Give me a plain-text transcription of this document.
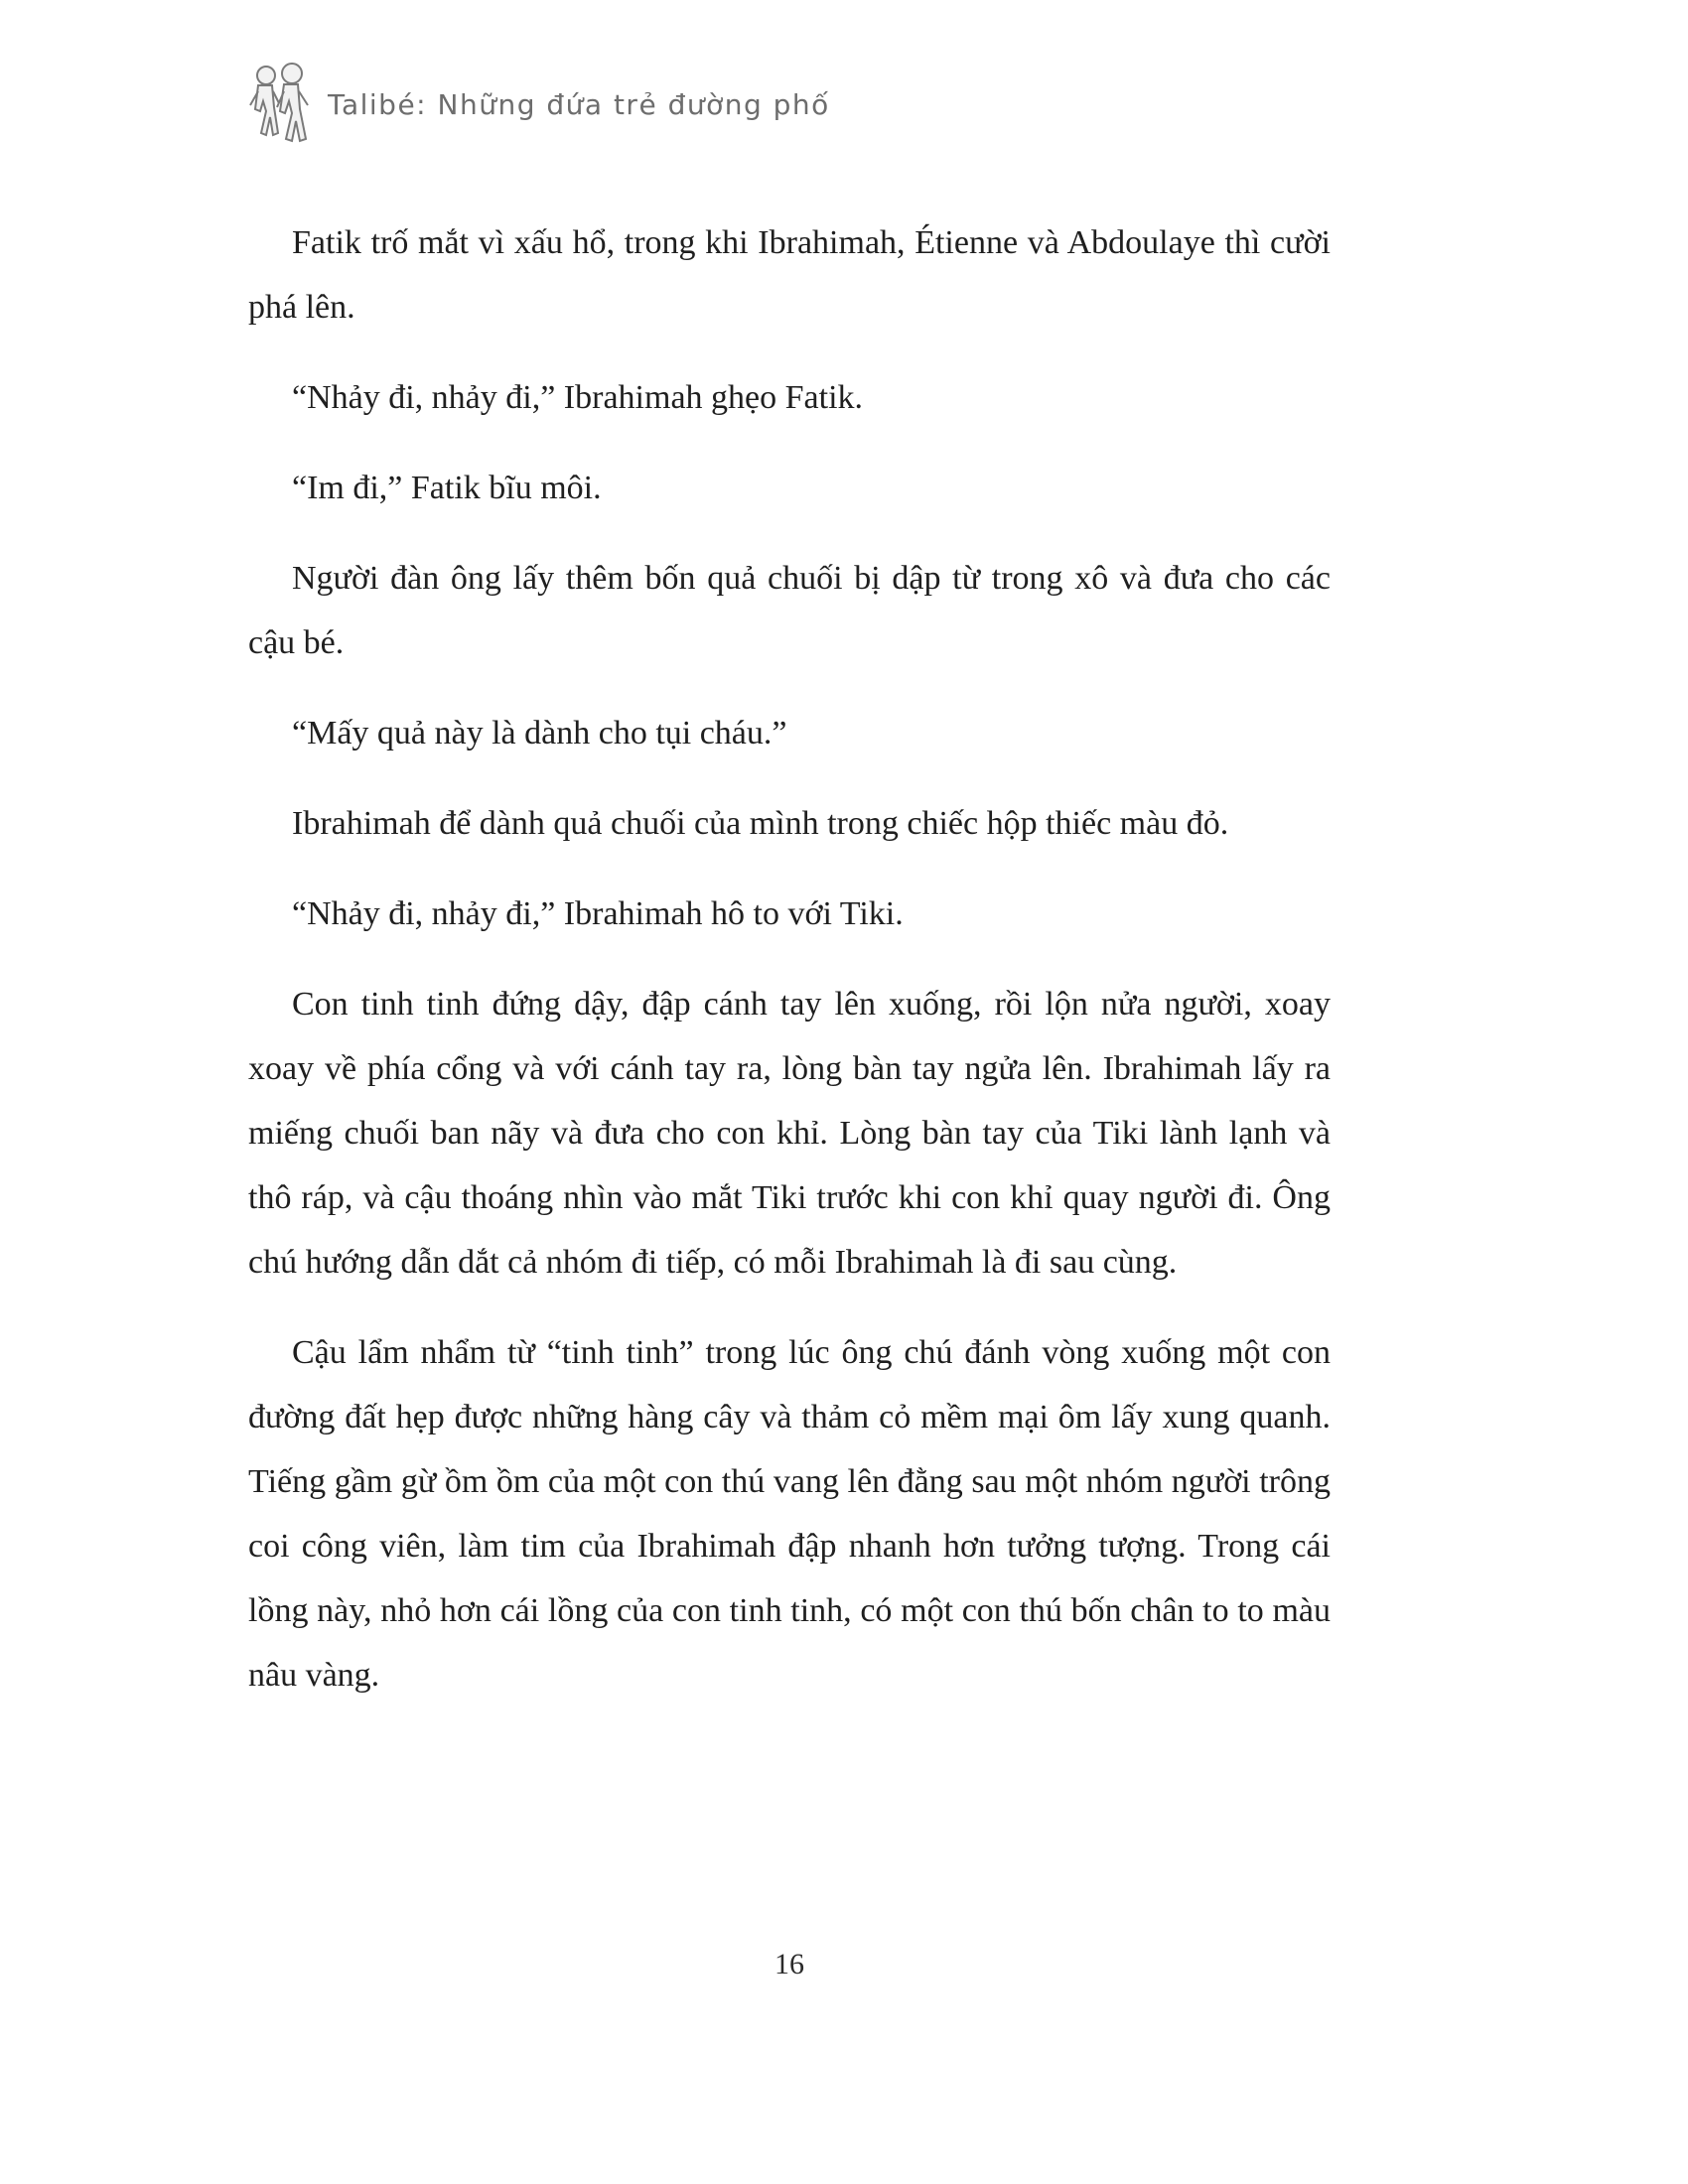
Talibé: Những đứa trẻ đường phố

Fatik trố mắt vì xấu hổ, trong khi Ibrahimah, Étienne và Abdoulaye thì cười phá lên.

“Nhảy đi, nhảy đi,” Ibrahimah ghẹo Fatik.

“Im đi,” Fatik bĩu môi.

Người đàn ông lấy thêm bốn quả chuối bị dập từ trong xô và đưa cho các cậu bé.

“Mấy quả này là dành cho tụi cháu.”

Ibrahimah để dành quả chuối của mình trong chiếc hộp thiếc màu đỏ.

“Nhảy đi, nhảy đi,” Ibrahimah hô to với Tiki.

Con tinh tinh đứng dậy, đập cánh tay lên xuống, rồi lộn nửa người, xoay xoay về phía cổng và với cánh tay ra, lòng bàn tay ngửa lên. Ibrahimah lấy ra miếng chuối ban nãy và đưa cho con khỉ. Lòng bàn tay của Tiki lành lạnh và thô ráp, và cậu thoáng nhìn vào mắt Tiki trước khi con khỉ quay người đi. Ông chú hướng dẫn dắt cả nhóm đi tiếp, có mỗi Ibrahimah là đi sau cùng.

Cậu lẩm nhẩm từ “tinh tinh” trong lúc ông chú đánh vòng xuống một con đường đất hẹp được những hàng cây và thảm cỏ mềm mại ôm lấy xung quanh. Tiếng gầm gừ ồm ồm của một con thú vang lên đằng sau một nhóm người trông coi công viên, làm tim của Ibrahimah đập nhanh hơn tưởng tượng. Trong cái lồng này, nhỏ hơn cái lồng của con tinh tinh, có một con thú bốn chân to to màu nâu vàng.

16
